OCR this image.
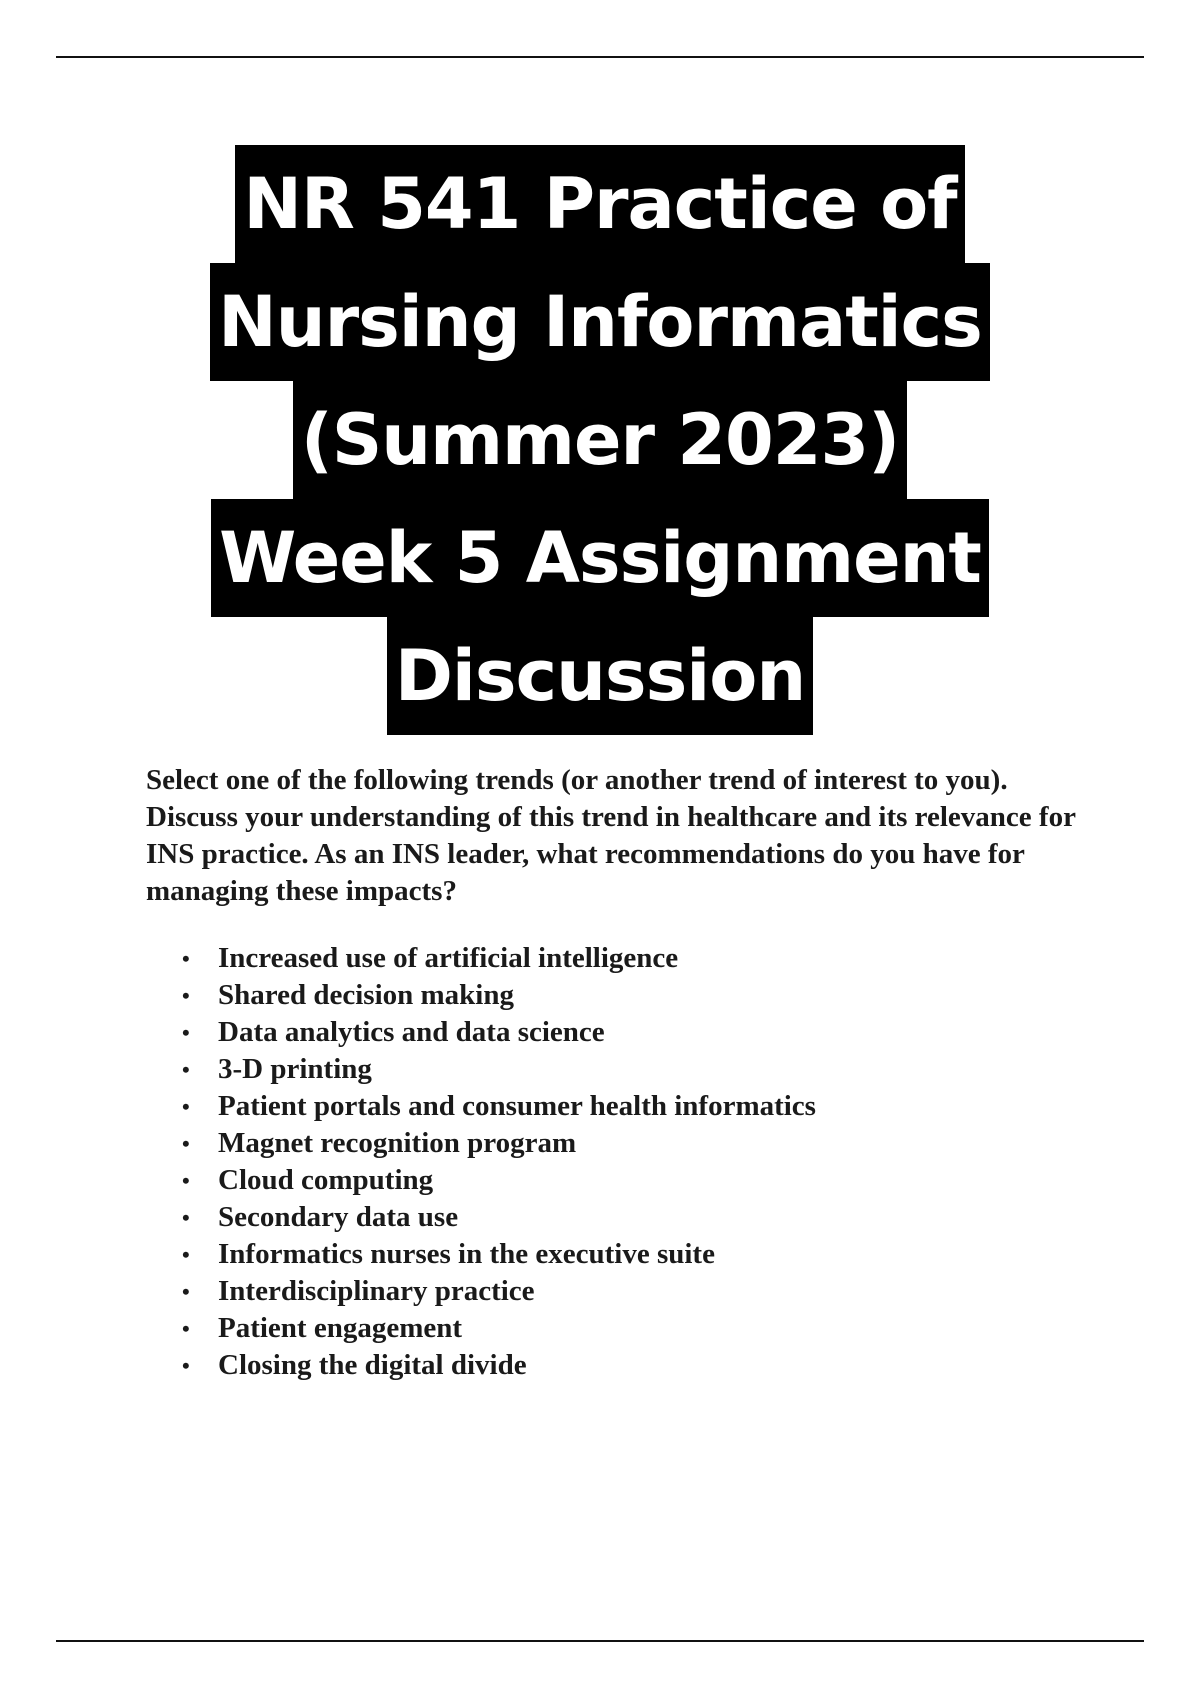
NR 541 Practice of
Nursing Informatics
(Summer 2023)
Week 5 Assignment
Discussion
Select one of the following trends (or another trend of interest to you). Discuss your understanding of this trend in healthcare and its relevance for INS practice. As an INS leader, what recommendations do you have for managing these impacts?
• Increased use of artificial intelligence
• Shared decision making
• Data analytics and data science
• 3-D printing
• Patient portals and consumer health informatics
• Magnet recognition program
• Cloud computing
• Secondary data use
• Informatics nurses in the executive suite
• Interdisciplinary practice
• Patient engagement
• Closing the digital divide
